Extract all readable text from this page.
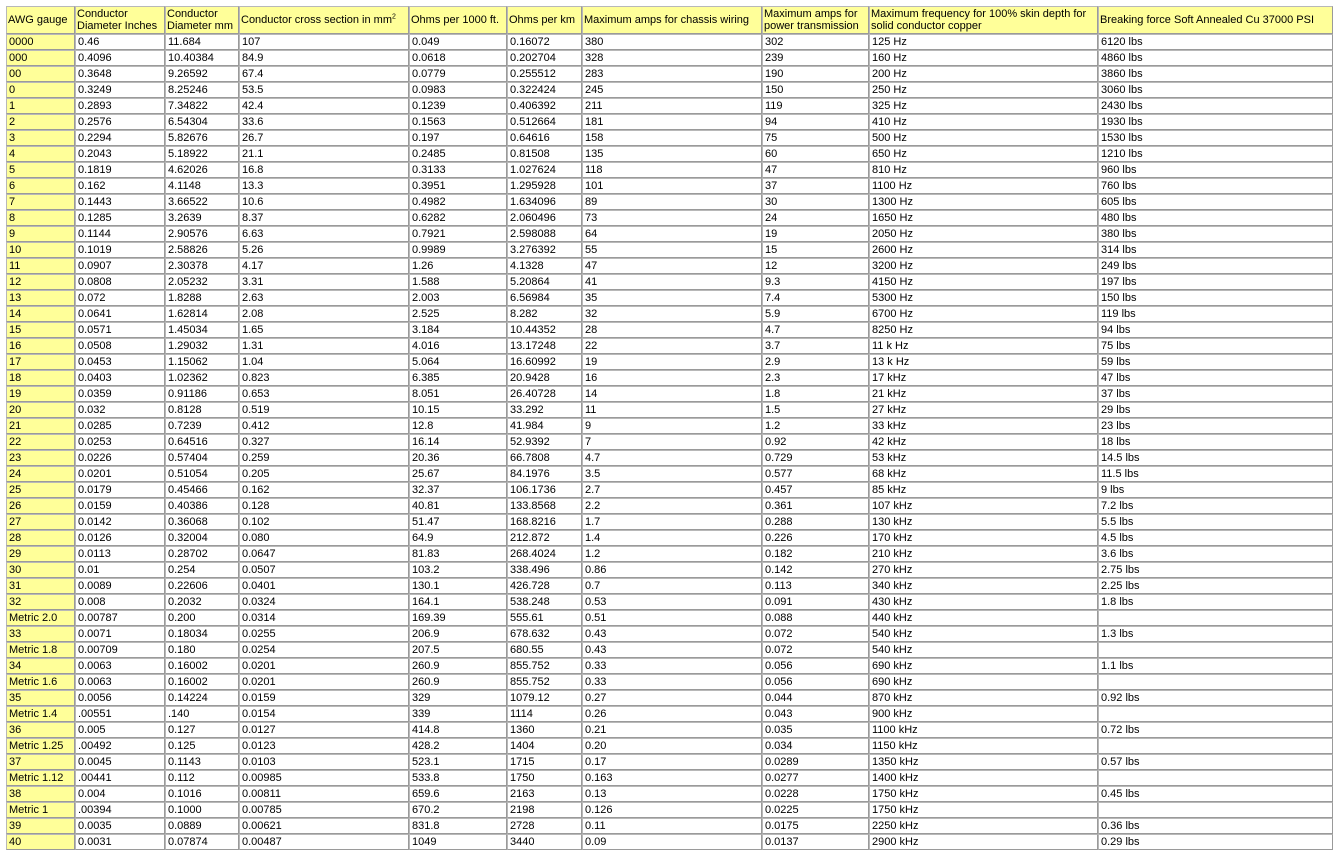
AWG gauge	Conductor Diameter Inches	Conductor Diameter mm	Conductor cross section in $mm^2$	Ohms per 1000 ft.	Ohms per km	Maximum amps for chassis wiring	Maximum amps for power transmission	Maximum frequency for 100% skin depth for solid conductor copper	Breaking force Soft Annealed Cu 37000 PSI
0000	0.46	11.684	107	0.049	0.16072	380	302	125 Hz	6120 lbs
000	0.4096	10.40384	84.9	0.0618	0.202704	328	239	160 Hz	4860 lbs
00	0.3648	9.26592	67.4	0.0779	0.255512	283	190	200 Hz	3860 lbs
0	0.3249	8.25246	53.5	0.0983	0.322424	245	150	250 Hz	3060 lbs
1	0.2893	7.34822	42.4	0.1239	0.406392	211	119	325 Hz	2430 lbs
2	0.2576	6.54304	33.6	0.1563	0.512664	181	94	410 Hz	1930 lbs
3	0.2294	5.82676	26.7	0.197	0.64616	158	75	500 Hz	1530 lbs
4	0.2043	5.18922	21.1	0.2485	0.81508	135	60	650 Hz	1210 lbs
5	0.1819	4.62026	16.8	0.3133	1.027624	118	47	810 Hz	960 lbs
6	0.162	4.1148	13.3	0.3951	1.295928	101	37	1100 Hz	760 lbs
7	0.1443	3.66522	10.6	0.4982	1.634096	89	30	1300 Hz	605 lbs
8	0.1285	3.2639	8.37	0.6282	2.060496	73	24	1650 Hz	480 lbs
9	0.1144	2.90576	6.63	0.7921	2.598088	64	19	2050 Hz	380 lbs
10	0.1019	2.58826	5.26	0.9989	3.276392	55	15	2600 Hz	314 lbs
11	0.0907	2.30378	4.17	1.26	4.1328	47	12	3200 Hz	249 lbs
12	0.0808	2.05232	3.31	1.588	5.20864	41	9.3	4150 Hz	197 lbs
13	0.072	1.8288	2.63	2.003	6.56984	35	7.4	5300 Hz	150 lbs
14	0.0641	1.62814	2.08	2.525	8.282	32	5.9	6700 Hz	119 lbs
15	0.0571	1.45034	1.65	3.184	10.44352	28	4.7	8250 Hz	94 lbs
16	0.0508	1.29032	1.31	4.016	13.17248	22	3.7	11 k Hz	75 lbs
17	0.0453	1.15062	1.04	5.064	16.60992	19	2.9	13 k Hz	59 lbs
18	0.0403	1.02362	0.823	6.385	20.9428	16	2.3	17 kHz	47 lbs
19	0.0359	0.91186	0.653	8.051	26.40728	14	1.8	21 kHz	37 lbs
20	0.032	0.8128	0.519	10.15	33.292	11	1.5	27 kHz	29 lbs
21	0.0285	0.7239	0.412	12.8	41.984	9	1.2	33 kHz	23 lbs
22	0.0253	0.64516	0.327	16.14	52.9392	7	0.92	42 kHz	18 lbs
23	0.0226	0.57404	0.259	20.36	66.7808	4.7	0.729	53 kHz	14.5 lbs
24	0.0201	0.51054	0.205	25.67	84.1976	3.5	0.577	68 kHz	11.5 lbs
25	0.0179	0.45466	0.162	32.37	106.1736	2.7	0.457	85 kHz	9 lbs
26	0.0159	0.40386	0.128	40.81	133.8568	2.2	0.361	107 kHz	7.2 lbs
27	0.0142	0.36068	0.102	51.47	168.8216	1.7	0.288	130 kHz	5.5 lbs
28	0.0126	0.32004	0.080	64.9	212.872	1.4	0.226	170 kHz	4.5 lbs
29	0.0113	0.28702	0.0647	81.83	268.4024	1.2	0.182	210 kHz	3.6 lbs
30	0.01	0.254	0.0507	103.2	338.496	0.86	0.142	270 kHz	2.75 lbs
31	0.0089	0.22606	0.0401	130.1	426.728	0.7	0.113	340 kHz	2.25 lbs
32	0.008	0.2032	0.0324	164.1	538.248	0.53	0.091	430 kHz	1.8 lbs
Metric 2.0	0.00787	0.200	0.0314	169.39	555.61	0.51	0.088	440 kHz	
33	0.0071	0.18034	0.0255	206.9	678.632	0.43	0.072	540 kHz	1.3 lbs
Metric 1.8	0.00709	0.180	0.0254	207.5	680.55	0.43	0.072	540 kHz	
34	0.0063	0.16002	0.0201	260.9	855.752	0.33	0.056	690 kHz	1.1 lbs
Metric 1.6	0.0063	0.16002	0.0201	260.9	855.752	0.33	0.056	690 kHz	
35	0.0056	0.14224	0.0159	329	1079.12	0.27	0.044	870 kHz	0.92 lbs
Metric 1.4	.00551	.140	0.0154	339	1114	0.26	0.043	900 kHz	
36	0.005	0.127	0.0127	414.8	1360	0.21	0.035	1100 kHz	0.72 lbs
Metric 1.25	.00492	0.125	0.0123	428.2	1404	0.20	0.034	1150 kHz	
37	0.0045	0.1143	0.0103	523.1	1715	0.17	0.0289	1350 kHz	0.57 lbs
Metric 1.12	.00441	0.112	0.00985	533.8	1750	0.163	0.0277	1400 kHz	
38	0.004	0.1016	0.00811	659.6	2163	0.13	0.0228	1750 kHz	0.45 lbs
Metric 1	.00394	0.1000	0.00785	670.2	2198	0.126	0.0225	1750 kHz	
39	0.0035	0.0889	0.00621	831.8	2728	0.11	0.0175	2250 kHz	0.36 lbs
40	0.0031	0.07874	0.00487	1049	3440	0.09	0.0137	2900 kHz	0.29 lbs
